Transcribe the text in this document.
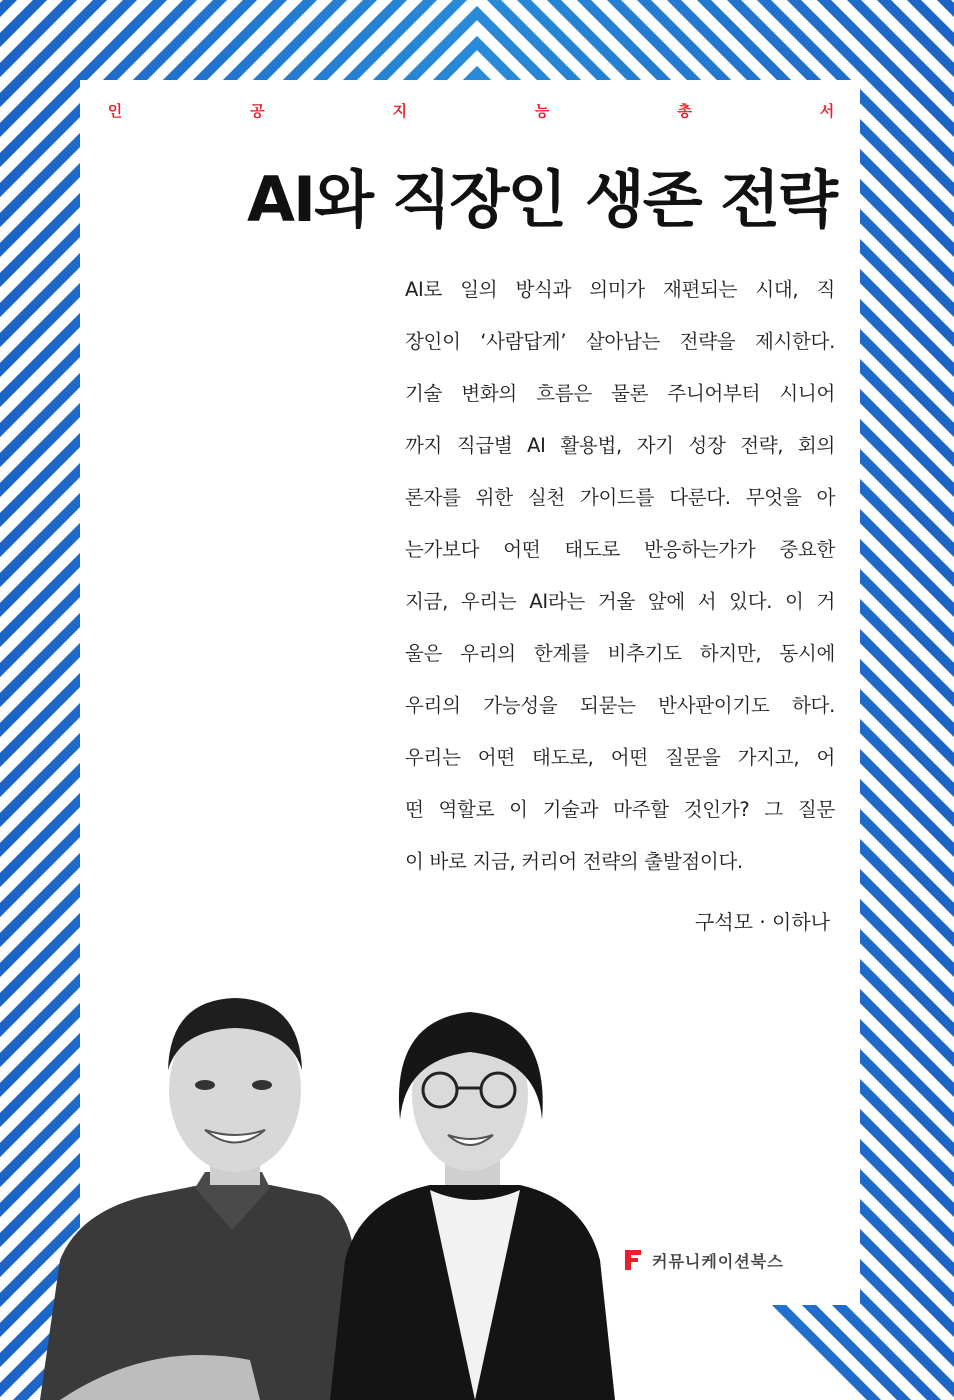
인	공	지	능	총	서
AI와 직장인 생존 전략
AI로 일의 방식과 의미가 재편되는 시대, 직
장인이 ‘사람답게’ 살아남는 전략을 제시한다.
기술 변화의 흐름은 물론 주니어부터 시니어
까지 직급별 AI 활용법, 자기 성장 전략, 회의
론자를 위한 실천 가이드를 다룬다. 무엇을 아
는가보다 어떤 태도로 반응하는가가 중요한
지금, 우리는 AI라는 거울 앞에 서 있다. 이 거
울은 우리의 한계를 비추기도 하지만, 동시에
우리의 가능성을 되묻는 반사판이기도 하다.
우리는 어떤 태도로, 어떤 질문을 가지고, 어
떤 역할로 이 기술과 마주할 것인가? 그 질문
이 바로 지금, 커리어 전략의 출발점이다.
구석모 · 이하나
커뮤니케이션북스
